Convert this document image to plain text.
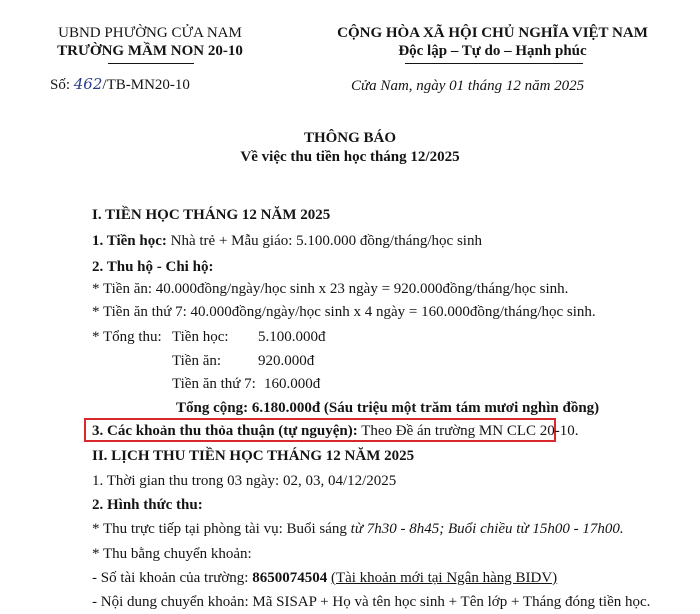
UBND PHƯỜNG CỬA NAM
TRƯỜNG MẦM NON 20-10
Số: 462/TB-MN20-10
CỘNG HÒA XÃ HỘI CHỦ NGHĨA VIỆT NAM
Độc lập – Tự do – Hạnh phúc
Cửa Nam, ngày 01 tháng 12 năm 2025
THÔNG BÁO
Về việc thu tiền học tháng 12/2025
I. TIỀN HỌC THÁNG 12 NĂM 2025
1. Tiền học: Nhà trẻ + Mẫu giáo: 5.100.000 đồng/tháng/học sinh
2. Thu hộ - Chi hộ:
* Tiền ăn: 40.000đồng/ngày/học sinh x 23 ngày = 920.000đồng/tháng/học sinh.
* Tiền ăn thứ 7: 40.000đồng/ngày/học sinh x 4 ngày = 160.000đồng/tháng/học sinh.
* Tổng thu: Tiền học: 5.100.000đ
Tiền ăn: 920.000đ
Tiền ăn thứ 7: 160.000đ
Tổng cộng: 6.180.000đ (Sáu triệu một trăm tám mươi nghìn đồng)
3. Các khoản thu thỏa thuận (tự nguyện): Theo Đề án trường MN CLC 20-10.
II. LỊCH THU TIỀN HỌC THÁNG 12 NĂM 2025
1. Thời gian thu trong 03 ngày: 02, 03, 04/12/2025
2. Hình thức thu:
* Thu trực tiếp tại phòng tài vụ: Buổi sáng từ 7h30 - 8h45; Buổi chiều từ 15h00 - 17h00.
* Thu bằng chuyển khoản:
- Số tài khoản của trường: 8650074504 (Tài khoản mới tại Ngân hàng BIDV)
- Nội dung chuyển khoản: Mã SISAP + Họ và tên học sinh + Tên lớp + Tháng đóng tiền học.
